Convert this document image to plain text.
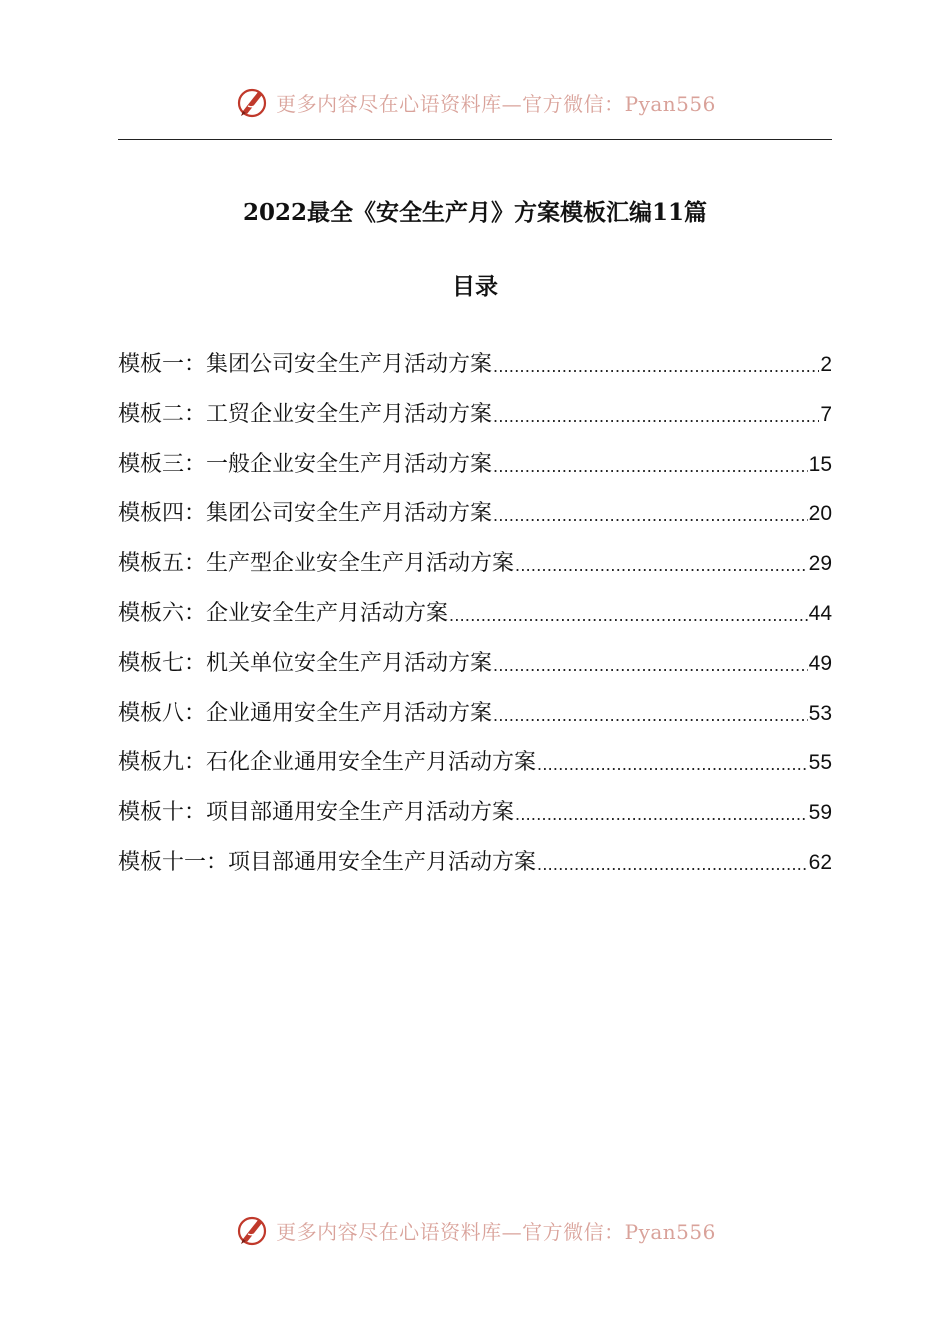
更多内容尽在心语资料库—官方微信：Pyan556
2022最全《安全生产月》方案模板汇编11篇
目录
模板一：集团公司安全生产月活动方案 .....	2
模板二：工贸企业安全生产月活动方案 .....	7
模板三：一般企业安全生产月活动方案 .....	15
模板四：集团公司安全生产月活动方案 .....	20
模板五：生产型企业安全生产月活动方案 .....	29
模板六：企业安全生产月活动方案 .....	44
模板七：机关单位安全生产月活动方案 .....	49
模板八：企业通用安全生产月活动方案 .....	53
模板九：石化企业通用安全生产月活动方案 .....	55
模板十：项目部通用安全生产月活动方案 .....	59
模板十一：项目部通用安全生产月活动方案 .....	62
更多内容尽在心语资料库—官方微信：Pyan556
